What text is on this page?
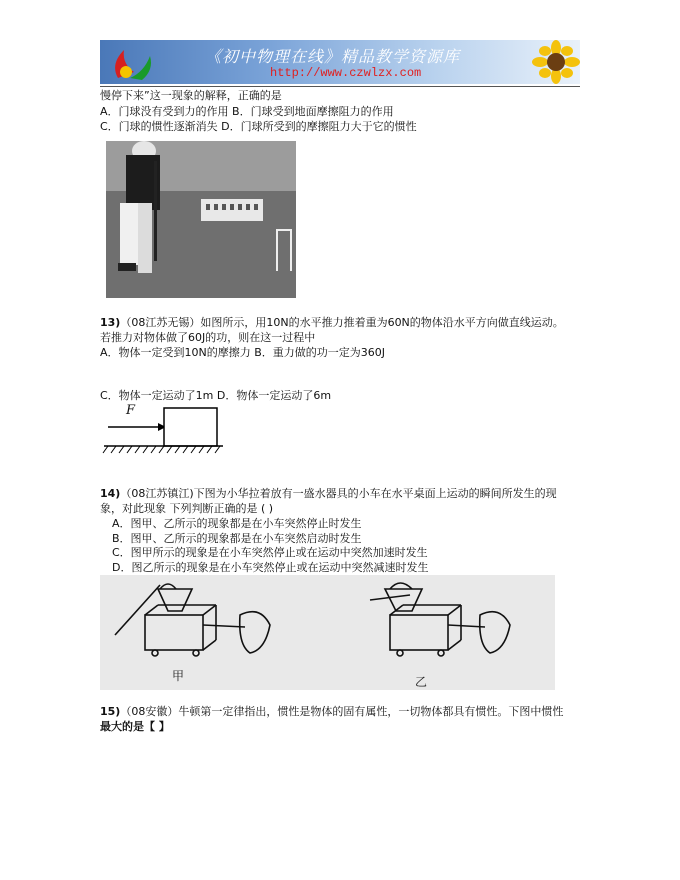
《初中物理在线》精品教学资源库
http://www.czwlzx.com
慢停下来”这一现象的解释，正确的是
A．门球没有受到力的作用 B．门球受到地面摩擦阻力的作用
C．门球的惯性逐渐消失 D．门球所受到的摩擦阻力大于它的惯性
13)（08江苏无锡）如图所示，用10N的水平推力推着重为60N的物体沿水平方向做直线运动。
若推力对物体做了60J的功，则在这一过程中
A．物体一定受到10N的摩擦力 B．重力做的功一定为360J
C．物体一定运动了1m D．物体一定运动了6m
F
14)（08江苏镇江)下图为小华拉着放有一盛水器具的小车在水平桌面上运动的瞬间所发生的现
象，对此现象 下列判断正确的是 ( )
A．图甲、乙所示的现象都是在小车突然停止时发生
B．图甲、乙所示的现象都是在小车突然启动时发生
C．图甲所示的现象是在小车突然停止或在运动中突然加速时发生
D．图乙所示的现象是在小车突然停止或在运动中突然减速时发生
甲	乙
15)（08安徽）牛顿第一定律指出，惯性是物体的固有属性，一切物体都具有惯性。下图中惯性
最大的是【 】
